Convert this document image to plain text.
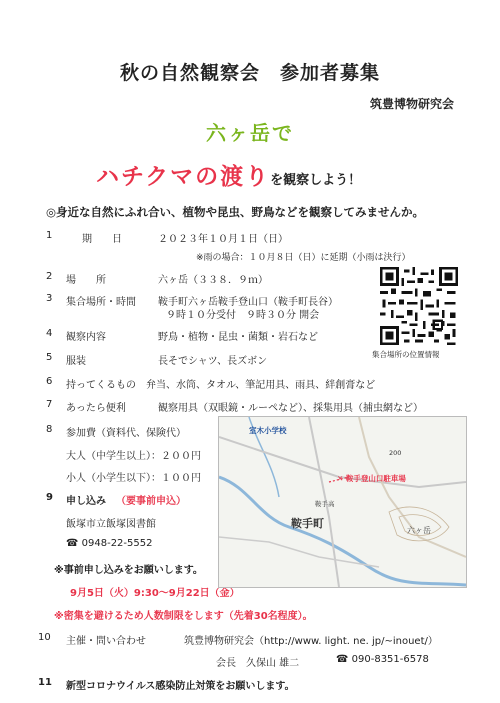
秋の自然観察会　参加者募集
筑豊博物研究会
六ヶ岳で
ハチクマの渡りを観察しよう！
◎身近な自然にふれ合い、植物や昆虫、野鳥などを観察してみませんか。
1	期　　日	２０２３年１０月１日（日）
※雨の場合：１０月８日（日）に延期（小雨は決行）
2	場　　所	六ヶ岳（３３８．９ｍ）
3	集合場所・時間 鞍手町六ヶ岳鞍手登山口（鞍手町長谷）
９時１０分受付　９時３０分 開会
4	観察内容	野鳥・植物・昆虫・菌類・岩石など
5	服装	長そでシャツ、長ズボン
6	持ってくるもの 弁当、水筒、タオル、筆記用具、雨具、絆創膏など
7	あったら便利	観察用具（双眼鏡・ルーペなど）、採集用具（捕虫網など）
8	参加費（資料代、保険代）
大人（中学生以上）：２００円
小人（小学生以下）：１００円
9	申し込み （要事前申込）
飯塚市立飯塚図書館
☎ 0948-22-5552
※事前申し込みをお願いします。
9月5日（火）9:30〜9月22日（金）
※密集を避けるため人数制限をします（先着30名程度）。
10	主催・問い合わせ	筑豊博物研究会（http://www. light. ne. jp/~inouet/）
会長　久保山 雄二	☎ 090-8351-6578
11	新型コロナウイルス感染防止対策をお願いします。
集合場所の位置情報
室木小学校
✕ 鞍手登山口駐車場
鞍手町
六ヶ岳
鞍手高
200
